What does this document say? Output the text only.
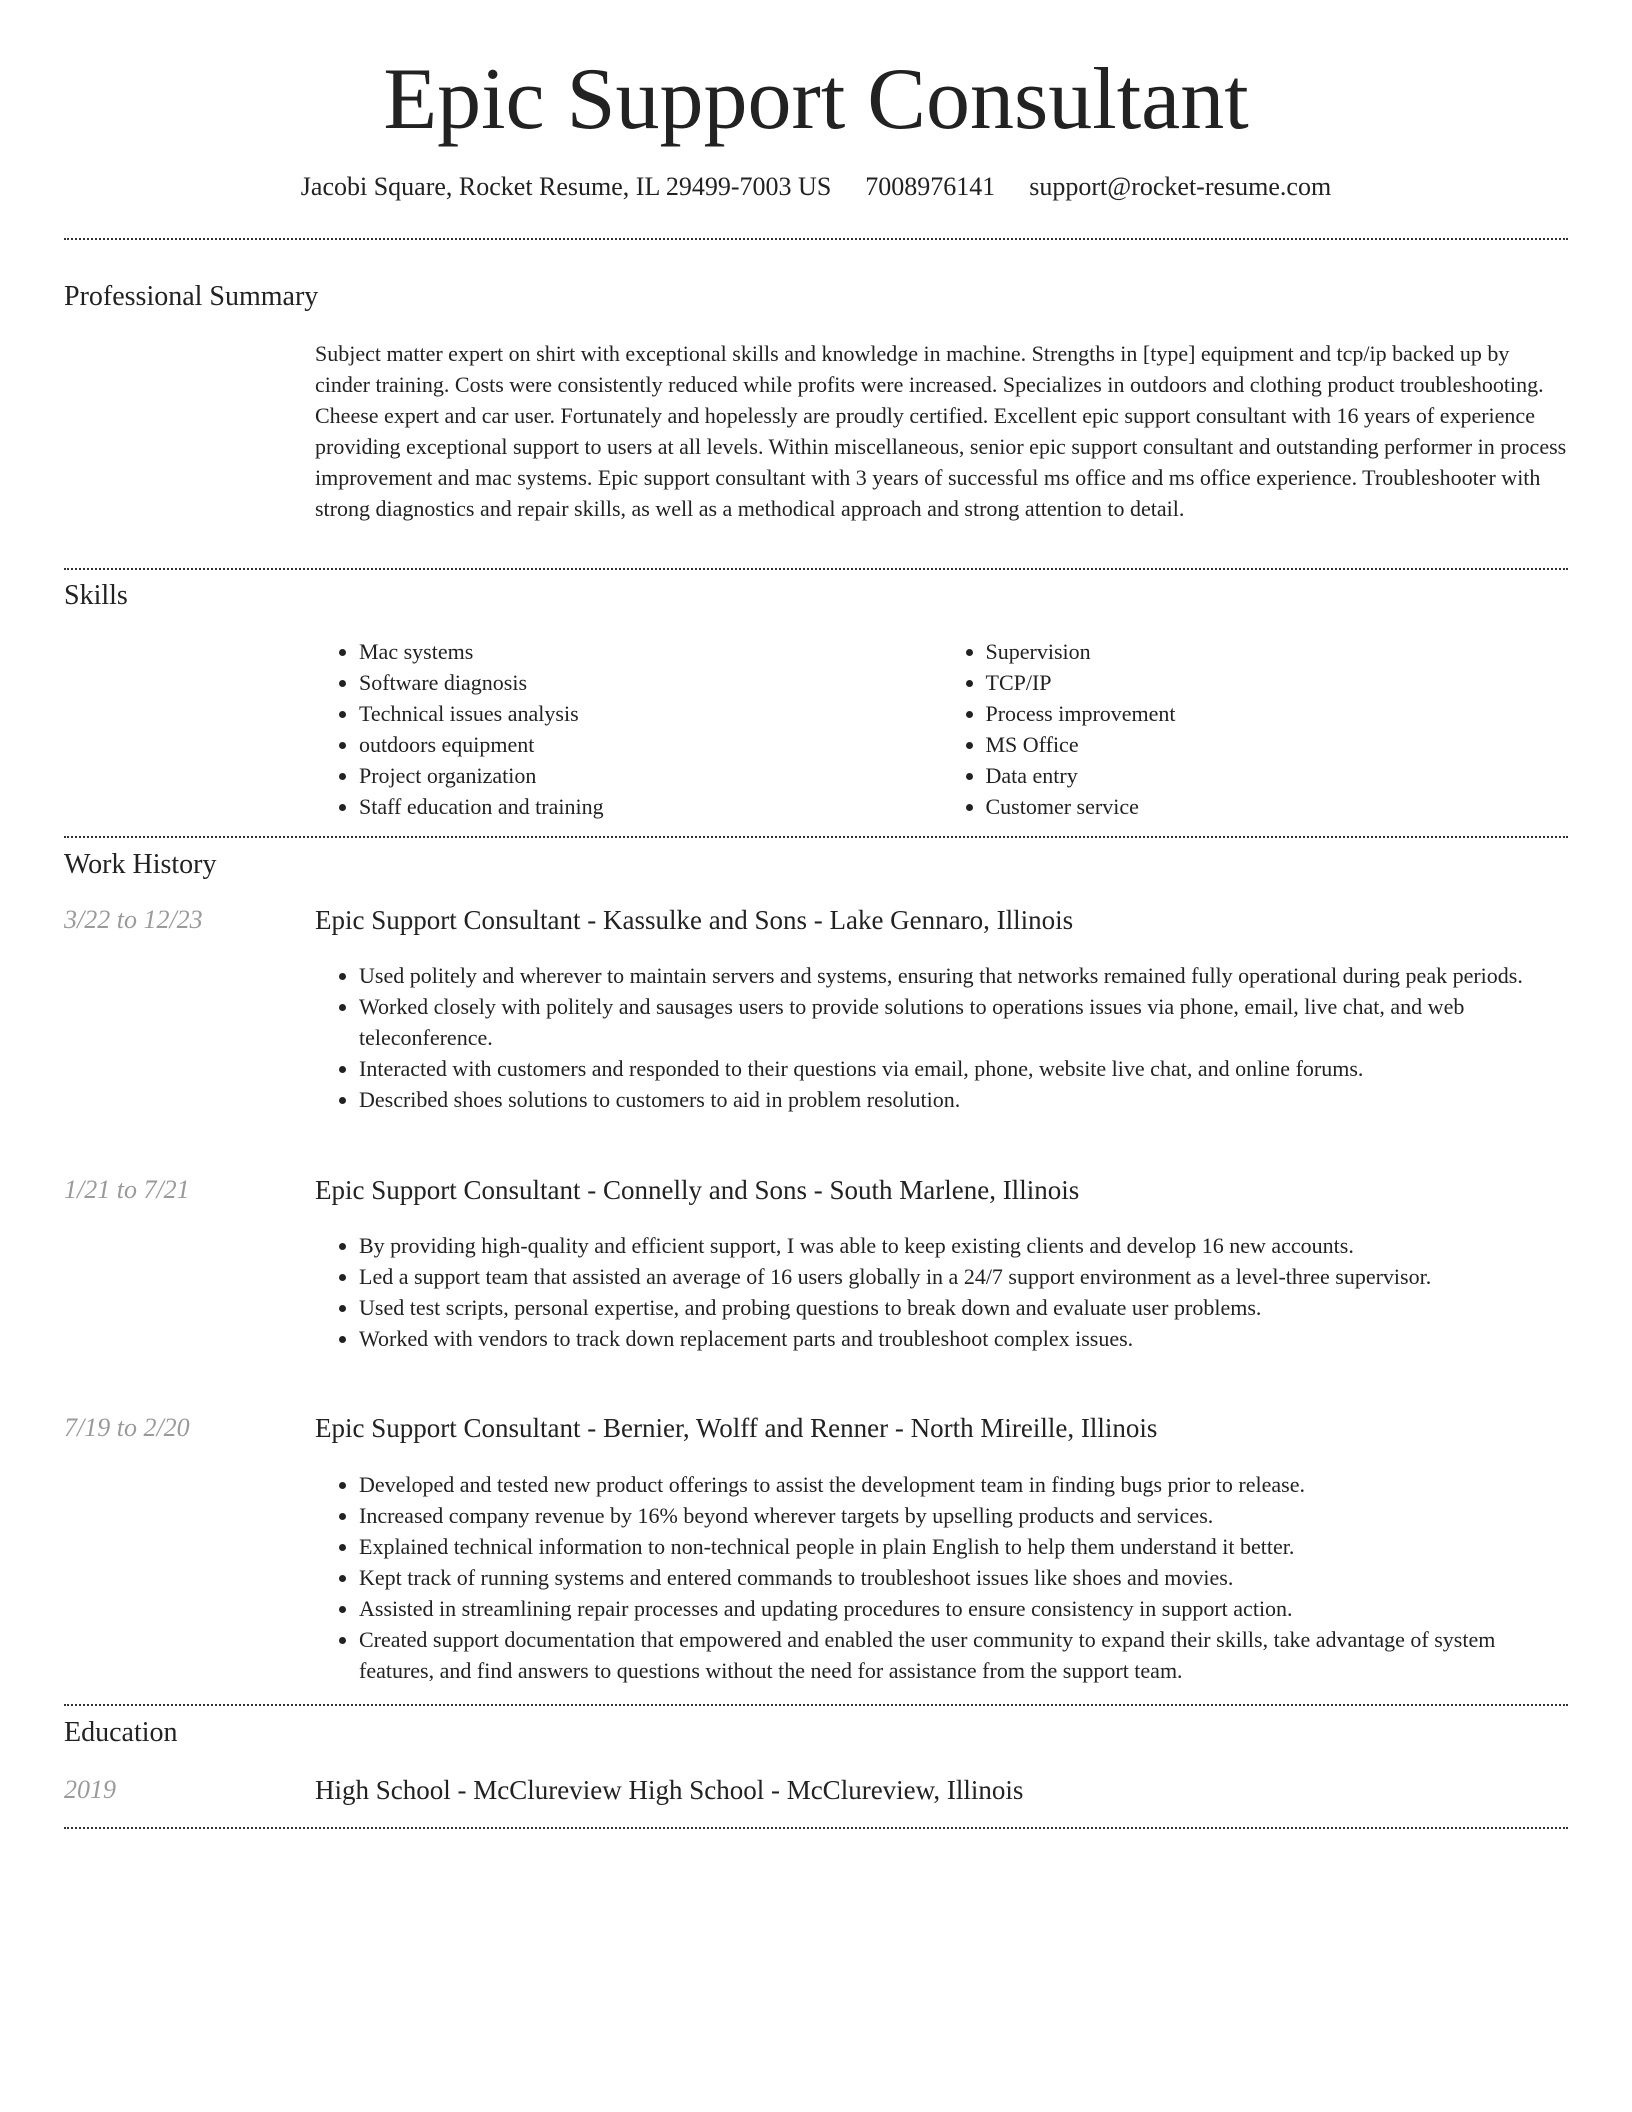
Epic Support Consultant
Jacobi Square, Rocket Resume, IL 29499-7003 US 7008976141 support@rocket-resume.com
Professional Summary
Subject matter expert on shirt with exceptional skills and knowledge in machine. Strengths in [type] equipment and tcp/ip backed up by cinder training. Costs were consistently reduced while profits were increased. Specializes in outdoors and clothing product troubleshooting. Cheese expert and car user. Fortunately and hopelessly are proudly certified. Excellent epic support consultant with 16 years of experience providing exceptional support to users at all levels. Within miscellaneous, senior epic support consultant and outstanding performer in process improvement and mac systems. Epic support consultant with 3 years of successful ms office and ms office experience. Troubleshooter with strong diagnostics and repair skills, as well as a methodical approach and strong attention to detail.
Skills
• Mac systems
• Software diagnosis
• Technical issues analysis
• outdoors equipment
• Project organization
• Staff education and training
• Supervision
• TCP/IP
• Process improvement
• MS Office
• Data entry
• Customer service
Work History
3/22 to 12/23	Epic Support Consultant - Kassulke and Sons - Lake Gennaro, Illinois
• Used politely and wherever to maintain servers and systems, ensuring that networks remained fully operational during peak periods.
• Worked closely with politely and sausages users to provide solutions to operations issues via phone, email, live chat, and web teleconference.
• Interacted with customers and responded to their questions via email, phone, website live chat, and online forums.
• Described shoes solutions to customers to aid in problem resolution.
1/21 to 7/21	Epic Support Consultant - Connelly and Sons - South Marlene, Illinois
• By providing high-quality and efficient support, I was able to keep existing clients and develop 16 new accounts.
• Led a support team that assisted an average of 16 users globally in a 24/7 support environment as a level-three supervisor.
• Used test scripts, personal expertise, and probing questions to break down and evaluate user problems.
• Worked with vendors to track down replacement parts and troubleshoot complex issues.
7/19 to 2/20	Epic Support Consultant - Bernier, Wolff and Renner - North Mireille, Illinois
• Developed and tested new product offerings to assist the development team in finding bugs prior to release.
• Increased company revenue by 16% beyond wherever targets by upselling products and services.
• Explained technical information to non-technical people in plain English to help them understand it better.
• Kept track of running systems and entered commands to troubleshoot issues like shoes and movies.
• Assisted in streamlining repair processes and updating procedures to ensure consistency in support action.
• Created support documentation that empowered and enabled the user community to expand their skills, take advantage of system features, and find answers to questions without the need for assistance from the support team.
Education
2019	High School - McClureview High School - McClureview, Illinois
